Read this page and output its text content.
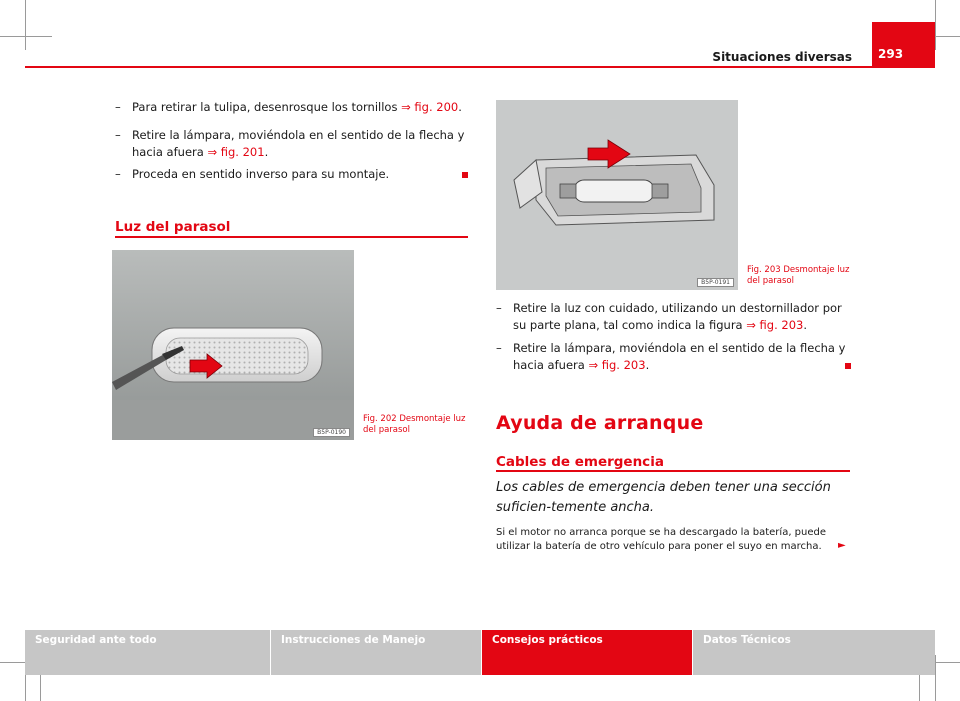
Situaciones diversas	293
– Para retirar la tulipa, desenrosque los tornillos ⇒ fig. 200.
– Retire la lámpara, moviéndola en el sentido de la flecha y hacia afuera ⇒ fig. 201.
– Proceda en sentido inverso para su montaje.
Luz del parasol
B5P-0190
Fig. 202 Desmontaje luz
del parasol
B5P-0191
Fig. 203 Desmontaje luz
del parasol
– Retire la luz con cuidado, utilizando un destornillador por su parte plana, tal como indica la figura ⇒ fig. 203.
– Retire la lámpara, moviéndola en el sentido de la flecha y hacia afuera ⇒ fig. 203.
Ayuda de arranque
Cables de emergencia
Los cables de emergencia deben tener una sección suficien-temente ancha.
Si el motor no arranca porque se ha descargado la batería, puede utilizar la batería de otro vehículo para poner el suyo en marcha.	►
Seguridad ante todo	Instrucciones de Manejo	Consejos prácticos	Datos Técnicos
